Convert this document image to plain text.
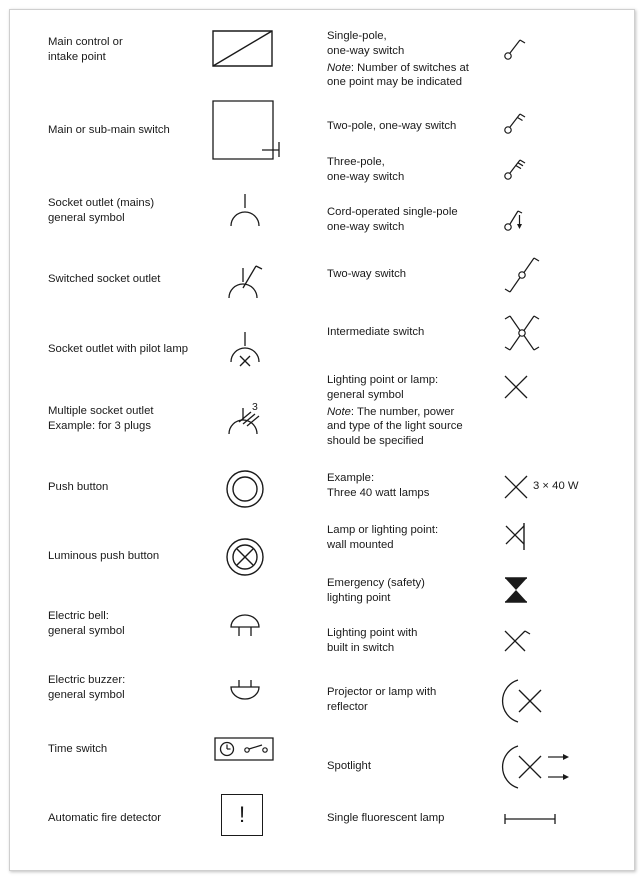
Main control or
intake point
Main or sub-main switch
Socket outlet (mains)
general symbol
Switched socket outlet
Socket outlet with pilot lamp
Multiple socket outlet
Example: for 3 plugs
Push button
Luminous push button
Electric bell:
general symbol
Electric buzzer:
general symbol
Time switch
Automatic fire detector
3
!
Single-pole,
one-way switch
Note: Number of switches at
one point may be indicated
Two-pole, one-way switch
Three-pole,
one-way switch
Cord-operated single-pole
one-way switch
Two-way switch
Intermediate switch
Lighting point or lamp:
general symbol
Note: The number, power
and type of the light source
should be specified
Example:
Three 40 watt lamps
Lamp or lighting point:
wall mounted
Emergency (safety)
lighting point
Lighting point with
built in switch
Projector or lamp with
reflector
Spotlight
Single fluorescent lamp
3 × 40 W
